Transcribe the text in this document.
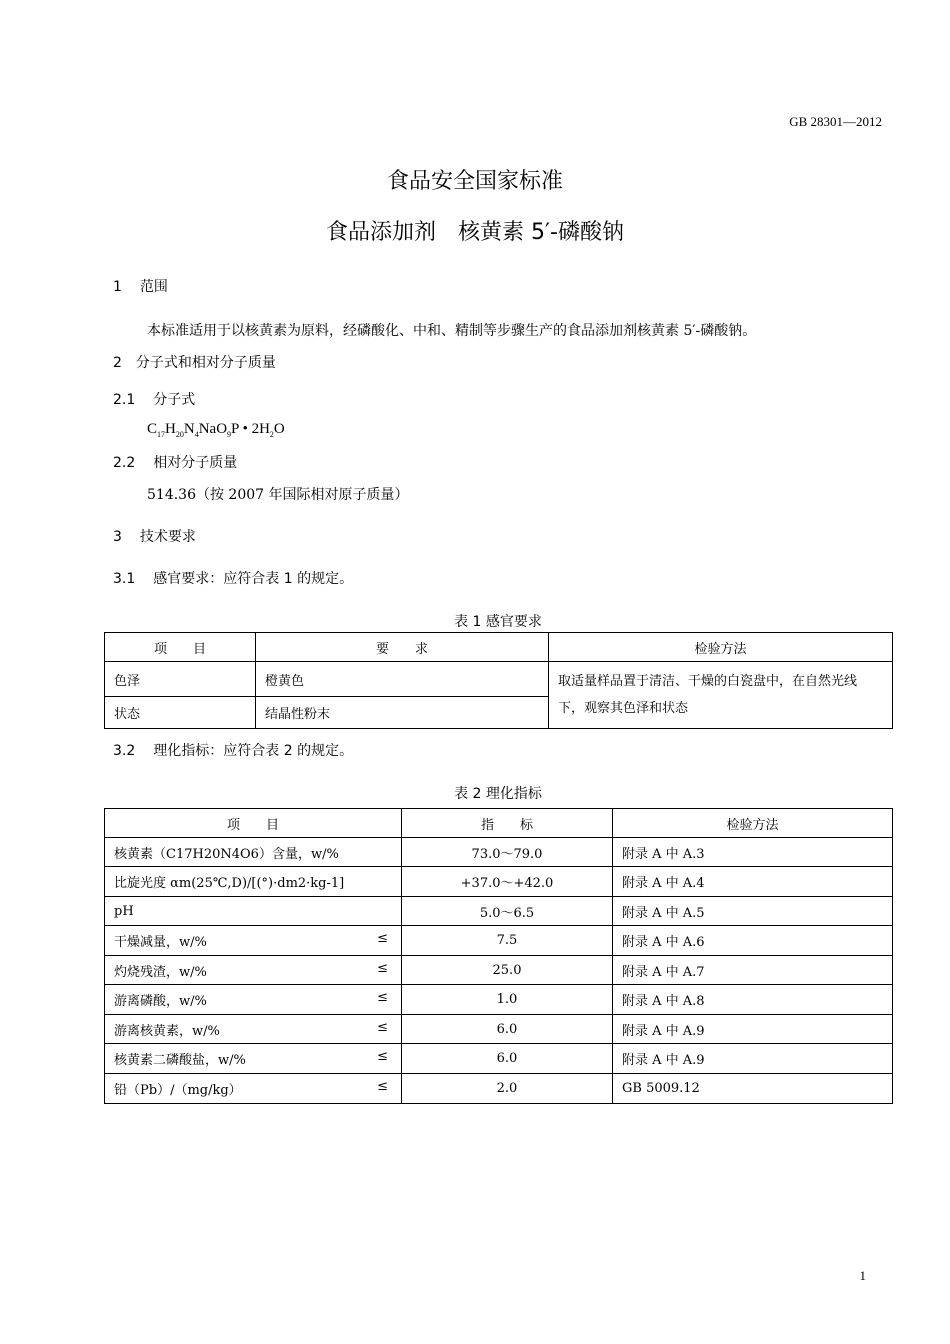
GB 28301—2012
食品安全国家标准
食品添加剂　核黄素 5′-磷酸钠
1 范围
本标准适用于以核黄素为原料，经磷酸化、中和、精制等步骤生产的食品添加剂核黄素 5′-磷酸钠。
2 分子式和相对分子质量
2.1 分子式
$C_{17}H_{20}N_4NaO_9P$ • $2H_2O$
2.2 相对分子质量
514.36（按 2007 年国际相对原子质量）
3 技术要求
3.1 感官要求：应符合表 1 的规定。
表 1 感官要求
项　　目	要　　求	检验方法
色泽	橙黄色	取适量样品置于清洁、干燥的白瓷盘中，在自然光线
下，观察其色泽和状态

状态	结晶性粉末	
3.2 理化指标：应符合表 2 的规定。
表 2 理化指标
项　　目	指　　标	检验方法

核黄素（C17H20N4O6）含量，w/%	73.0～79.0	附录 A 中 A.3

比旋光度 αm(25℃,D)/[(°)·dm2·kg-1]	+37.0～+42.0	附录 A 中 A.4

pH	5.0～6.5	附录 A 中 A.5

干燥减量，w/% ≤	7.5	附录 A 中 A.6

灼烧残渣，w/% ≤	25.0	附录 A 中 A.7

游离磷酸，w/% ≤	1.0	附录 A 中 A.8

游离核黄素，w/% ≤	6.0	附录 A 中 A.9

核黄素二磷酸盐，w/% ≤	6.0	附录 A 中 A.9

铅（Pb）/（mg/kg） ≤	2.0	GB 5009.12
1
